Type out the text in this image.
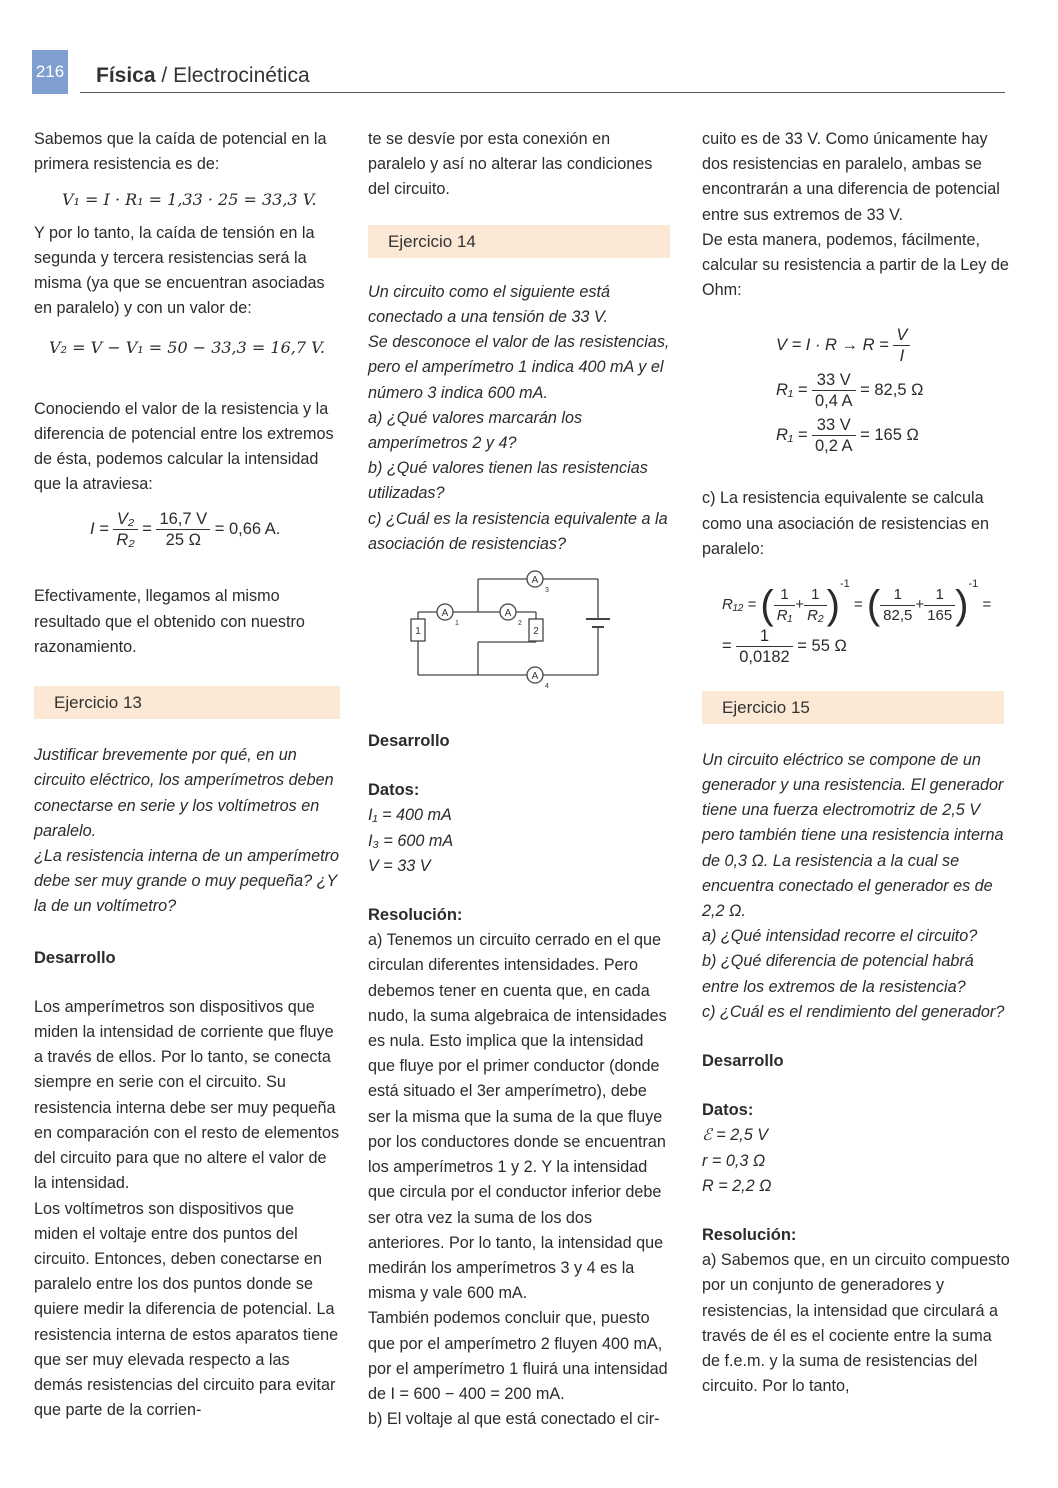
216 Física / Electrocinética

Sabemos que la caída de potencial en la primera resistencia es de:

V₁ = I · R₁ = 1,33 · 25 = 33,3 V.

Y por lo tanto, la caída de tensión en la segunda y tercera resistencias será la misma (ya que se encuentran asociadas en paralelo) y con un valor de:

V₂ = V − V₁ = 50 − 33,3 = 16,7 V.

Conociendo el valor de la resistencia y la diferencia de potencial entre los extremos de ésta, podemos calcular la intensidad que la atraviesa:

$I = \frac{\text{V₂}}{\text{R₂}} = \frac{16,7 V}{25 \Omega} = 0,66$ A.

Efectivamente, llegamos al mismo resultado que el obtenido con nuestro razonamiento.

Ejercicio 13

Justificar brevemente por qué, en un circuito eléctrico, los amperímetros deben conectarse en serie y los voltímetros en paralelo.

¿La resistencia interna de un amperímetro debe ser muy grande o muy pequeña? ¿Y la de un voltímetro?

Desarrollo

Los amperímetros son dispositivos que miden la intensidad de corriente que fluye a través de ellos. Por lo tanto, se conecta siempre en serie con el circuito. Su resistencia interna debe ser muy pequeña en comparación con el resto de elementos del circuito para que no altere el valor de la intensidad.

Los voltímetros son dispositivos que miden el voltaje entre dos puntos del circuito. Entonces, deben conectarse en paralelo entre los dos puntos donde se quiere medir la diferencia de potencial. La resistencia interna de estos aparatos tiene que ser muy elevada respecto a las demás resistencias del circuito para evitar que parte de la corrien-

te se desvíe por esta conexión en paralelo y así no alterar las condiciones del circuito.

Ejercicio 14

Un circuito como el siguiente está conectado a una tensión de 33 V.

Se desconoce el valor de las resistencias, pero el amperímetro 1 indica 400 mA y el número 3 indica 600 mA.

a) ¿Qué valores marcarán los amperímetros 2 y 4?

b) ¿Qué valores tienen las resistencias utilizadas?

c) ¿Cuál es la resistencia equivalente a la asociación de resistencias?

1	2
A
1
A
2
A
3
A
4

Desarrollo

Datos:

I₁ = 400 mA

I₃ = 600 mA

V = 33 V

Resolución:

a) Tenemos un circuito cerrado en el que circulan diferentes intensidades. Pero debemos tener en cuenta que, en cada nudo, la suma algebraica de intensidades es nula. Esto implica que la intensidad que fluye por el primer conductor (donde está situado el 3er amperímetro), debe ser la misma que la suma de la que fluye por los conductores donde se encuentran los amperímetros 1 y 2. Y la intensidad que circula por el conductor inferior debe ser otra vez la suma de los dos anteriores. Por lo tanto, la intensidad que medirán los amperímetros 3 y 4 es la misma y vale 600 mA.

También podemos concluir que, puesto que por el amperímetro 2 fluyen 400 mA, por el amperímetro 1 fluirá una intensidad de I = 600 − 400 = 200 mA.

b) El voltaje al que está conectado el cir-

cuito es de 33 V. Como únicamente hay dos resistencias en paralelo, ambas se encontrarán a una diferencia de potencial entre sus extremos de 33 V.

De esta manera, podemos, fácilmente, calcular su resistencia a partir de la Ley de Ohm:

$V = I \cdot R \to R = \frac{V}{I}$
$R_1 = \frac{33 V}{0,4 A} = 82,5$ Ω
$R_1 = \frac{33 V}{0,2 A} = 165$ Ω

c) La resistencia equivalente se calcula como una asociación de resistencias en paralelo:

R₁₂ = ( $\frac{1}{\text{R₁}} + \frac{1}{\text{R₂}} )^{-1}$ = ( $\frac{1}{82,5} + \frac{1}{165} )^{-1}$ =
= $\frac{1}{0,0182} = 55$ Ω

Ejercicio 15

Un circuito eléctrico se compone de un generador y una resistencia. El generador tiene una fuerza electromotriz de 2,5 V pero también tiene una resistencia interna de 0,3 Ω. La resistencia a la cual se encuentra conectado el generador es de 2,2 Ω.

a) ¿Qué intensidad recorre el circuito?

b) ¿Qué diferencia de potencial habrá entre los extremos de la resistencia?

c) ¿Cuál es el rendimiento del generador?

Desarrollo

Datos:

ℰ = 2,5 V

r = 0,3 Ω

R = 2,2 Ω

Resolución:

a) Sabemos que, en un circuito compuesto por un conjunto de generadores y resistencias, la intensidad que circulará a través de él es el cociente entre la suma de f.e.m. y la suma de resistencias del circuito. Por lo tanto,
